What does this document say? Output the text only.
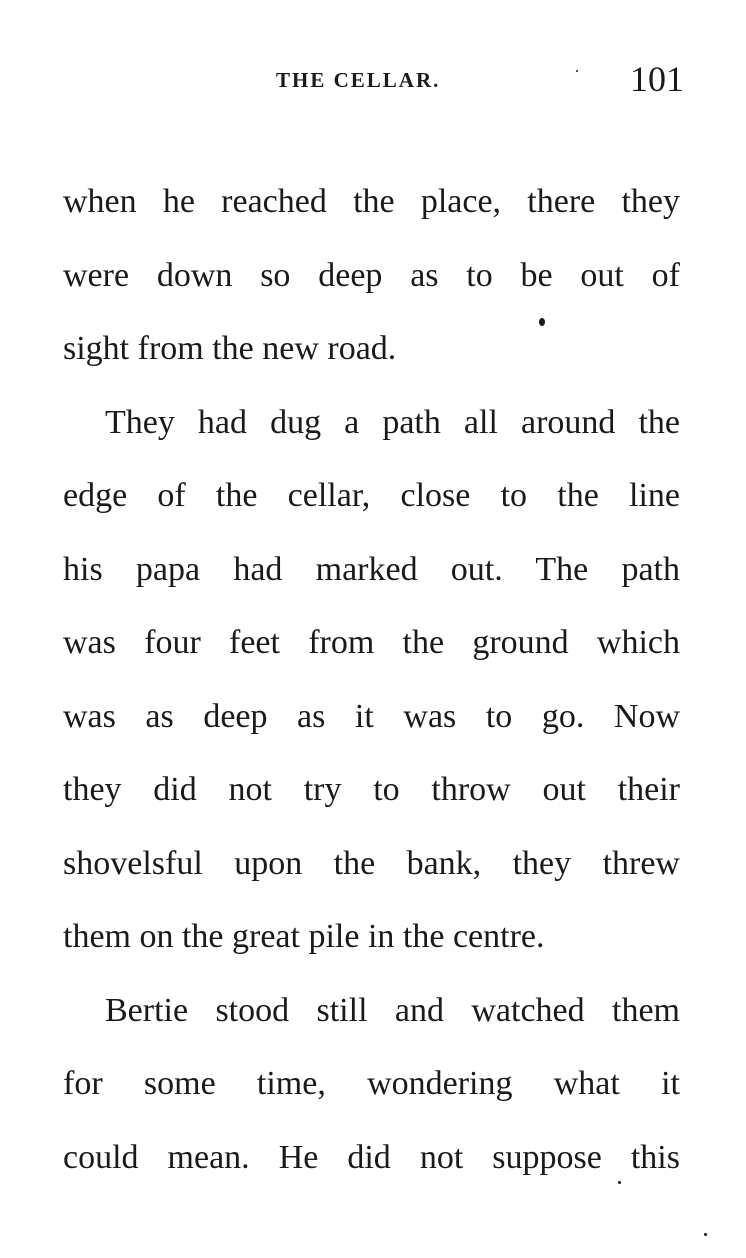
THE CELLAR.	101
when he reached the place, there they
were down so deep as to be out of
sight from the new road.
They had dug a path all around the
edge of the cellar, close to the line
his papa had marked out. The path
was four feet from the ground which
was as deep as it was to go. Now
they did not try to throw out their
shovelsful upon the bank, they threw
them on the great pile in the centre.
Bertie stood still and watched them
for some time, wondering what it
could mean. He did not suppose this
